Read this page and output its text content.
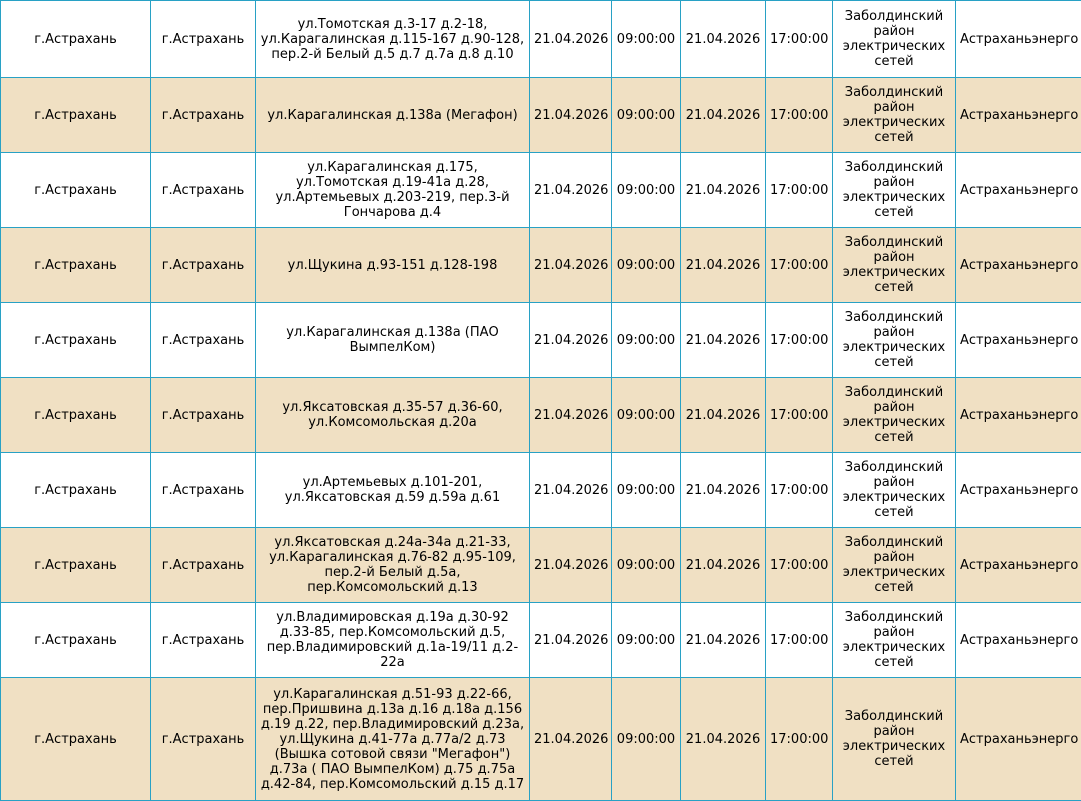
г.Астрахань	г.Астрахань	ул.Томотская д.3-17 д.2-18, ул.Карагалинская д.115-167 д.90-128, пер.2-й Белый д.5 д.7 д.7а д.8 д.10	21.04.2026	09:00:00	21.04.2026	17:00:00	Заболдинский район электрических сетей	Астраханьэнерго
г.Астрахань	г.Астрахань	ул.Карагалинская д.138а (Мегафон)	21.04.2026	09:00:00	21.04.2026	17:00:00	Заболдинский район электрических сетей	Астраханьэнерго
г.Астрахань	г.Астрахань	ул.Карагалинская д.175, ул.Томотская д.19-41а д.28, ул.Артемьевых д.203-219, пер.3-й Гончарова д.4	21.04.2026	09:00:00	21.04.2026	17:00:00	Заболдинский район электрических сетей	Астраханьэнерго
г.Астрахань	г.Астрахань	ул.Щукина д.93-151 д.128-198	21.04.2026	09:00:00	21.04.2026	17:00:00	Заболдинский район электрических сетей	Астраханьэнерго
г.Астрахань	г.Астрахань	ул.Карагалинская д.138а (ПАО ВымпелКом)	21.04.2026	09:00:00	21.04.2026	17:00:00	Заболдинский район электрических сетей	Астраханьэнерго
г.Астрахань	г.Астрахань	ул.Яксатовская д.35-57 д.36-60, ул.Комсомольская д.20а	21.04.2026	09:00:00	21.04.2026	17:00:00	Заболдинский район электрических сетей	Астраханьэнерго
г.Астрахань	г.Астрахань	ул.Артемьевых д.101-201, ул.Яксатовская д.59 д.59а д.61	21.04.2026	09:00:00	21.04.2026	17:00:00	Заболдинский район электрических сетей	Астраханьэнерго
г.Астрахань	г.Астрахань	ул.Яксатовская д.24а-34а д.21-33, ул.Карагалинская д.76-82 д.95-109, пер.2-й Белый д.5а, пер.Комсомольский д.13	21.04.2026	09:00:00	21.04.2026	17:00:00	Заболдинский район электрических сетей	Астраханьэнерго
г.Астрахань	г.Астрахань	ул.Владимировская д.19а д.30-92 д.33-85, пер.Комсомольский д.5, пер.Владимировский д.1а-19/11 д.2-22а	21.04.2026	09:00:00	21.04.2026	17:00:00	Заболдинский район электрических сетей	Астраханьэнерго
г.Астрахань	г.Астрахань	ул.Карагалинская д.51-93 д.22-66, пер.Пришвина д.13а д.16 д.18а д.156 д.19 д.22, пер.Владимировский д.23а, ул.Щукина д.41-77а д.77а/2 д.73 (Вышка сотовой связи "Мегафон") д.73а ( ПАО ВымпелКом) д.75 д.75а д.42-84, пер.Комсомольский д.15 д.17	21.04.2026	09:00:00	21.04.2026	17:00:00	Заболдинский район электрических сетей	Астраханьэнерго
